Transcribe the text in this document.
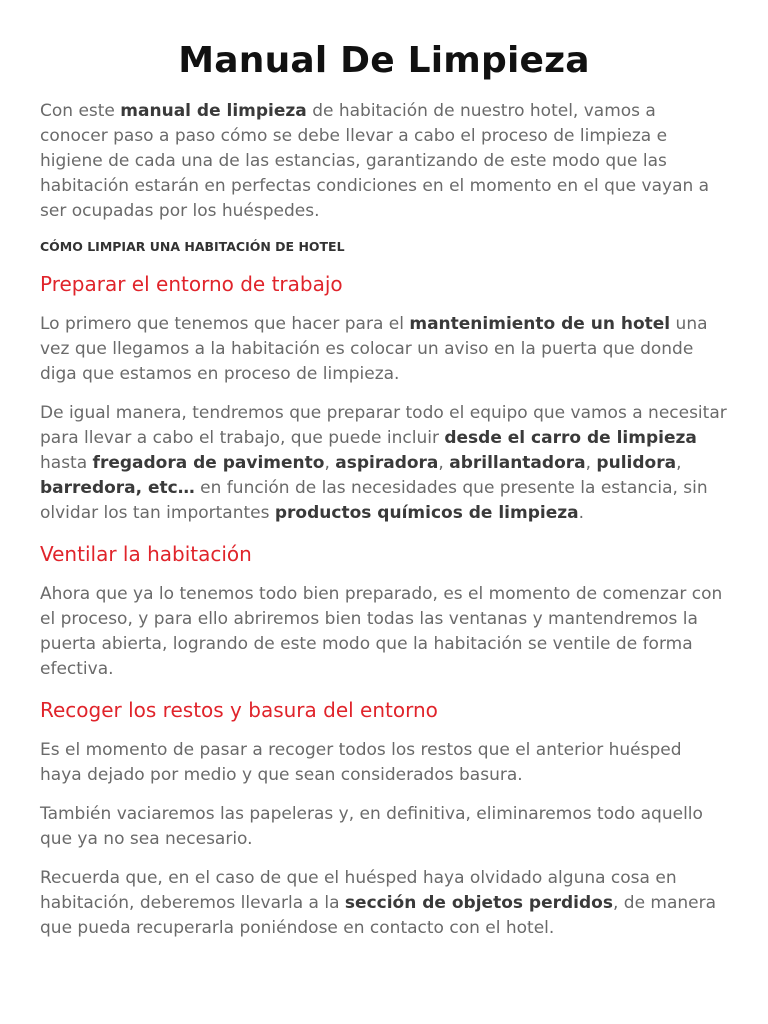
Manual De Limpieza

Con este manual de limpieza de habitación de nuestro hotel, vamos a conocer paso a paso cómo se debe llevar a cabo el proceso de limpieza e higiene de cada una de las estancias, garantizando de este modo que las habitación estarán en perfectas condiciones en el momento en el que vayan a ser ocupadas por los huéspedes.

CÓMO LIMPIAR UNA HABITACIÓN DE HOTEL
Preparar el entorno de trabajo

Lo primero que tenemos que hacer para el mantenimiento de un hotel una vez que llegamos a la habitación es colocar un aviso en la puerta que donde diga que estamos en proceso de limpieza.

De igual manera, tendremos que preparar todo el equipo que vamos a necesitar para llevar a cabo el trabajo, que puede incluir desde el carro de limpieza hasta fregadora de pavimento, aspiradora, abrillantadora, pulidora, barredora, etc… en función de las necesidades que presente la estancia, sin olvidar los tan importantes productos químicos de limpieza.

Ventilar la habitación

Ahora que ya lo tenemos todo bien preparado, es el momento de comenzar con el proceso, y para ello abriremos bien todas las ventanas y mantendremos la puerta abierta, logrando de este modo que la habitación se ventile de forma efectiva.

Recoger los restos y basura del entorno

Es el momento de pasar a recoger todos los restos que el anterior huésped haya dejado por medio y que sean considerados basura.

También vaciaremos las papeleras y, en definitiva, eliminaremos todo aquello que ya no sea necesario.

Recuerda que, en el caso de que el huésped haya olvidado alguna cosa en habitación, deberemos llevarla a la sección de objetos perdidos, de manera que pueda recuperarla poniéndose en contacto con el hotel.
